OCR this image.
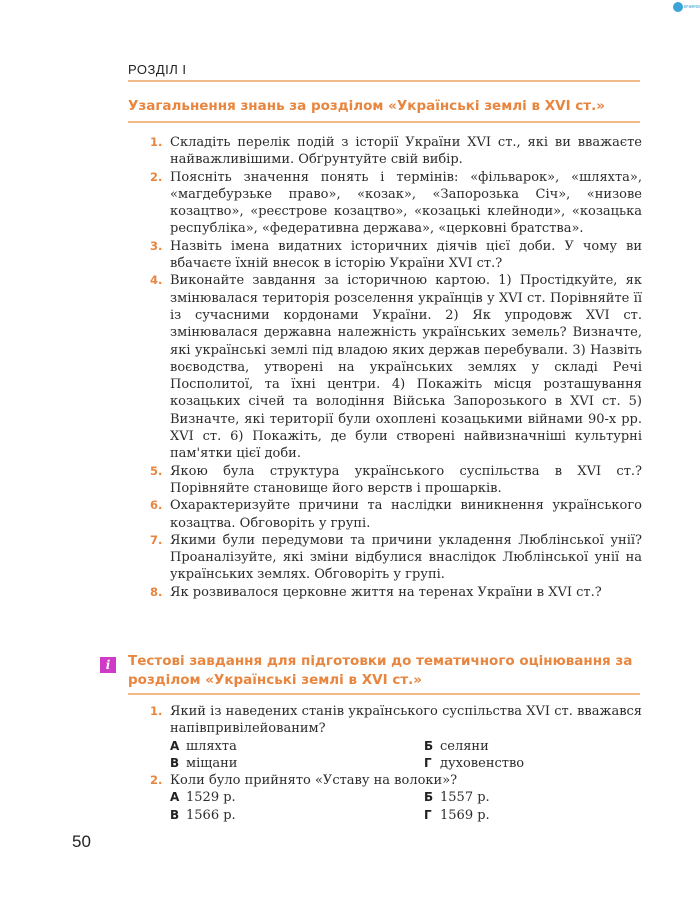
вчимо
РОЗДІЛ I
Узагальнення знань за розділом «Українські землі в XVI ст.»

1. Складіть перелік подій з історії України XVI ст., які ви вважаєте найважливішими. Обґрунтуйте свій вибір.

2. Поясніть значення понять і термінів: «фільварок», «шляхта», «магдебурзьке право», «козак», «Запорозька Січ», «низове козацтво», «реєстрове козацтво», «козацькі клейноди», «козацька республіка», «федеративна держава», «церковні братства».

3. Назвіть імена видатних історичних діячів цієї доби. У чому ви вбачаєте їхній внесок в історію України XVI ст.?

4. Виконайте завдання за історичною картою. 1) Простідкуйте, як змінювалася територія розселення українців у XVI ст. Порівняйте її із сучасними кордонами України. 2) Як упродовж XVI ст. змінювалася державна належність українських земель? Визначте, які українські землі під владою яких держав перебували. 3) Назвіть воєводства, утворені на українських землях у складі Речі Посполитої, та їхні центри. 4) Покажіть місця розташування козацьких січей та володіння Війська Запорозького в XVI ст. 5) Визначте, які території були охоплені козацькими війнами 90-х рр. XVI ст. 6) Покажіть, де були створені найвизначніші культурні пам'ятки цієї доби.

5. Якою була структура українського суспільства в XVI ст.? Порівняйте становище його верств і прошарків.

6. Охарактеризуйте причини та наслідки виникнення українського козацтва. Обговоріть у групі.

7. Якими були передумови та причини укладення Люблінської унії? Проаналізуйте, які зміни відбулися внаслідок Люблінської унії на українських землях. Обговоріть у групі.

8. Як розвивалося церковне життя на теренах України в XVI ст.?

i	Тестові завдання для підготовки до тематичного оцінювання за розділом «Українські землі в XVI ст.»

1. Який із наведених станів українського суспільства XVI ст. вважався напівпривілейованим?

А шляхта	Б селяни
В міщани	Г духовенство

2. Коли було прийнято «Уставу на волоки»?

А 1529 р.	Б 1557 р.
В 1566 р.	Г 1569 р.
50
